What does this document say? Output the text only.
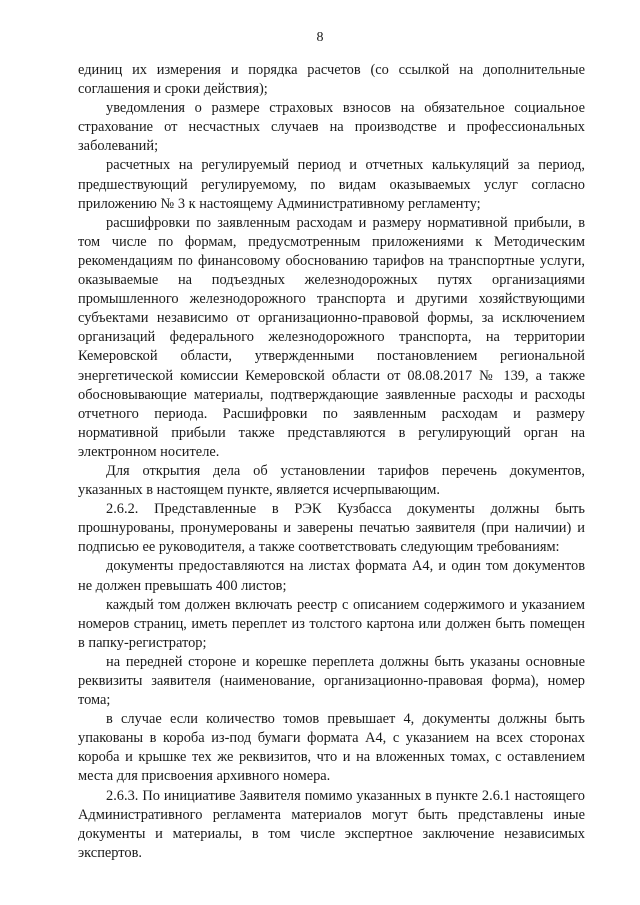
8

единиц их измерения и порядка расчетов (со ссылкой на дополнительные соглашения и сроки действия);

уведомления о размере страховых взносов на обязательное социальное страхование от несчастных случаев на производстве и профессиональных заболеваний;

расчетных на регулируемый период и отчетных калькуляций за период, предшествующий регулируемому, по видам оказываемых услуг согласно приложению № 3 к настоящему Административному регламенту;

расшифровки по заявленным расходам и размеру нормативной прибыли, в том числе по формам, предусмотренным приложениями к Методическим рекомендациям по финансовому обоснованию тарифов на транспортные услуги, оказываемые на подъездных железнодорожных путях организациями промышленного железнодорожного транспорта и другими хозяйствующими субъектами независимо от организационно-правовой формы, за исключением организаций федерального железнодорожного транспорта, на территории Кемеровской области, утвержденными постановлением региональной энергетической комиссии Кемеровской области от 08.08.2017 № 139, а также обосновывающие материалы, подтверждающие заявленные расходы и расходы отчетного периода. Расшифровки по заявленным расходам и размеру нормативной прибыли также представляются в регулирующий орган на электронном носителе.

Для открытия дела об установлении тарифов перечень документов, указанных в настоящем пункте, является исчерпывающим.

2.6.2. Представленные в РЭК Кузбасса документы должны быть прошнурованы, пронумерованы и заверены печатью заявителя (при наличии) и подписью ее руководителя, а также соответствовать следующим требованиям:

документы предоставляются на листах формата А4, и один том документов не должен превышать 400 листов;

каждый том должен включать реестр с описанием содержимого и указанием номеров страниц, иметь переплет из толстого картона или должен быть помещен в папку-регистратор;

на передней стороне и корешке переплета должны быть указаны основные реквизиты заявителя (наименование, организационно-правовая форма), номер тома;

в случае если количество томов превышает 4, документы должны быть упакованы в короба из-под бумаги формата А4, с указанием на всех сторонах короба и крышке тех же реквизитов, что и на вложенных томах, с оставлением места для присвоения архивного номера.

2.6.3. По инициативе Заявителя помимо указанных в пункте 2.6.1 настоящего Административного регламента материалов могут быть представлены иные документы и материалы, в том числе экспертное заключение независимых экспертов.
